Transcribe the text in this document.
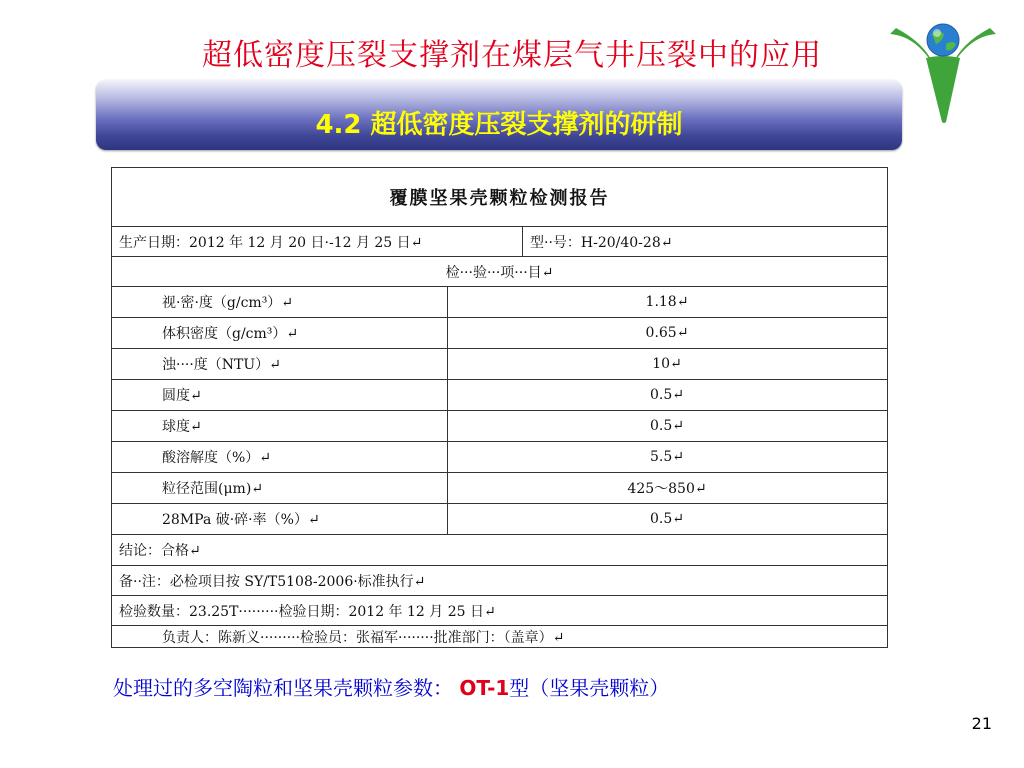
超低密度压裂支撑剂在煤层气井压裂中的应用
4.2 超低密度压裂支撑剂的研制
覆膜坚果壳颗粒检测报告
生产日期：2012 年 12 月 20 日·-12 月 25 日↵	型··号：H-20/40-28↵
检···验···项···目↵
视·密·度（g/cm³）↵	1.18↵
体积密度（g/cm³）↵	0.65↵
浊····度（NTU）↵	10↵
圆度↵	0.5↵
球度↵	0.5↵
酸溶解度（%）↵	5.5↵
粒径范围(μm)↵	425～850↵
28MPa 破·碎·率（%）↵	0.5↵
结论：合格↵
备··注：必检项目按 SY/T5108-2006·标准执行↵
检验数量：23.25T·········检验日期：2012 年 12 月 25 日↵
负责人：陈新义·········检验员：张福军········批准部门：（盖章）↵
处理过的多空陶粒和坚果壳颗粒参数： OT-1型（坚果壳颗粒）
21
